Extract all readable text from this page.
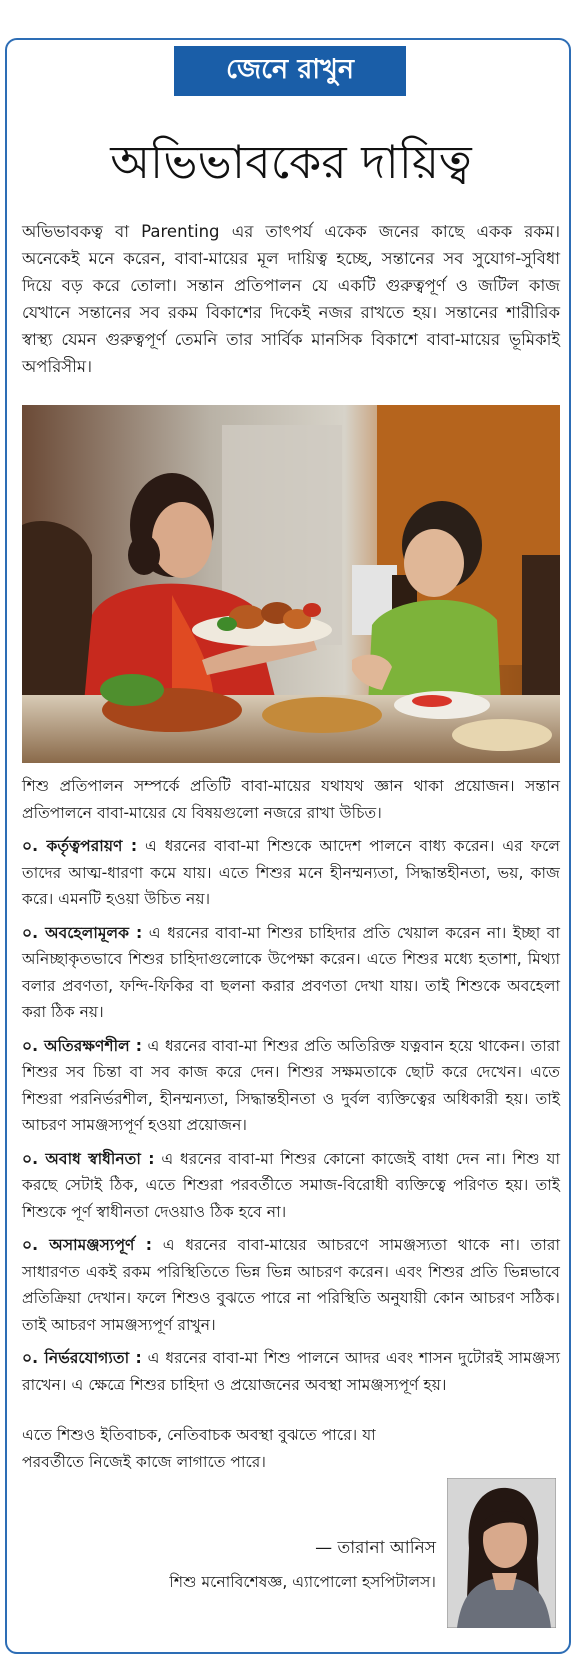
জেনে রাখুন
অভিভাবকের দায়িত্ব

অভিভাবকত্ব বা Parenting এর তাৎপর্য একেক জনের কাছে একক রকম। অনেকেই মনে করেন, বাবা-মায়ের মূল দায়িত্ব হচ্ছে, সন্তানের সব সুযোগ-সুবিধা দিয়ে বড় করে তোলা। সন্তান প্রতিপালন যে একটি গুরুত্বপূর্ণ ও জটিল কাজ যেখানে সন্তানের সব রকম বিকাশের দিকেই নজর রাখতে হয়। সন্তানের শারীরিক স্বাস্থ্য যেমন গুরুত্বপূর্ণ তেমনি তার সার্বিক মানসিক বিকাশে বাবা-মায়ের ভূমিকাই অপরিসীম।

শিশু প্রতিপালন সম্পর্কে প্রতিটি বাবা-মায়ের যথাযথ জ্ঞান থাকা প্রয়োজন। সন্তান প্রতিপালনে বাবা-মায়ের যে বিষয়গুলো নজরে রাখা উচিত।

০. কর্তৃত্বপরায়ণ : এ ধরনের বাবা-মা শিশুকে আদেশ পালনে বাধ্য করেন। এর ফলে তাদের আত্ম-ধারণা কমে যায়। এতে শিশুর মনে হীনম্মন্যতা, সিদ্ধান্তহীনতা, ভয়, কাজ করে। এমনটি হওয়া উচিত নয়।

০. অবহেলামূলক : এ ধরনের বাবা-মা শিশুর চাহিদার প্রতি খেয়াল করেন না। ইচ্ছা বা অনিচ্ছাকৃতভাবে শিশুর চাহিদাগুলোকে উপেক্ষা করেন। এতে শিশুর মধ্যে হতাশা, মিথ্যা বলার প্রবণতা, ফন্দি-ফিকির বা ছলনা করার প্রবণতা দেখা যায়। তাই শিশুকে অবহেলা করা ঠিক নয়।

০. অতিরক্ষণশীল : এ ধরনের বাবা-মা শিশুর প্রতি অতিরিক্ত যত্নবান হয়ে থাকেন। তারা শিশুর সব চিন্তা বা সব কাজ করে দেন। শিশুর সক্ষমতাকে ছোট করে দেখেন। এতে শিশুরা পরনির্ভরশীল, হীনম্মন্যতা, সিদ্ধান্তহীনতা ও দুর্বল ব্যক্তিত্বের অধিকারী হয়। তাই আচরণ সামঞ্জস্যপূর্ণ হওয়া প্রয়োজন।

০. অবাধ স্বাধীনতা : এ ধরনের বাবা-মা শিশুর কোনো কাজেই বাধা দেন না। শিশু যা করছে সেটাই ঠিক, এতে শিশুরা পরবর্তীতে সমাজ-বিরোধী ব্যক্তিত্বে পরিণত হয়। তাই শিশুকে পূর্ণ স্বাধীনতা দেওয়াও ঠিক হবে না।

০. অসামঞ্জস্যপূর্ণ : এ ধরনের বাবা-মায়ের আচরণে সামঞ্জস্যতা থাকে না। তারা সাধারণত একই রকম পরিস্থিতিতে ভিন্ন ভিন্ন আচরণ করেন। এবং শিশুর প্রতি ভিন্নভাবে প্রতিক্রিয়া দেখান। ফলে শিশুও বুঝতে পারে না পরিস্থিতি অনুযায়ী কোন আচরণ সঠিক। তাই আচরণ সামঞ্জস্যপূর্ণ রাখুন।

০. নির্ভরযোগ্যতা : এ ধরনের বাবা-মা শিশু পালনে আদর এবং শাসন দুটোরই সামঞ্জস্য রাখেন। এ ক্ষেত্রে শিশুর চাহিদা ও প্রয়োজনের অবস্থা সামঞ্জস্যপূর্ণ হয়।

এতে শিশুও ইতিবাচক, নেতিবাচক অবস্থা বুঝতে পারে। যা পরবর্তীতে নিজেই কাজে লাগাতে পারে।
— তারানা আনিস
শিশু মনোবিশেষজ্ঞ, এ্যাপোলো হসপিটালস।
